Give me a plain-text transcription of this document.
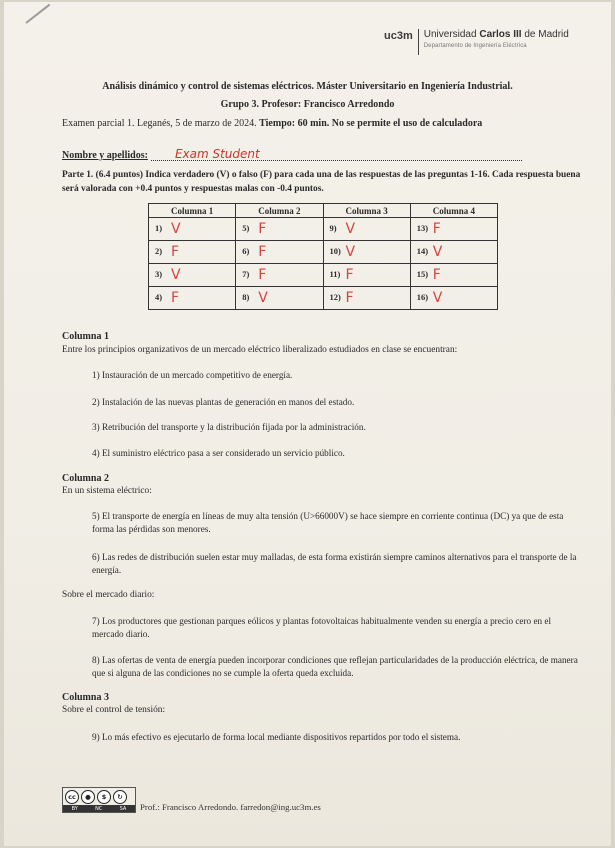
uc3m Universidad Carlos III de Madrid
Departamento de Ingeniería Eléctrica
Análisis dinámico y control de sistemas eléctricos. Máster Universitario en Ingeniería Industrial.
Grupo 3. Profesor: Francisco Arredondo
Examen parcial 1. Leganés, 5 de marzo de 2024. Tiempo: 60 min. No se permite el uso de calculadora
Nombre y apellidos: Exam Student
Parte 1. (6.4 puntos) Indica verdadero (V) o falso (F) para cada una de las respuestas de las preguntas 1-16. Cada respuesta buena será valorada con +0.4 puntos y respuestas malas con -0.4 puntos.
Columna 1	Columna 2	Columna 3	Columna 4
1) V	5) F	9) V	13) F
2) F	6) F	10) V	14) V
3) V	7) F	11) F	15) F
4) F	8) V	12) F	16) V
Columna 1
Entre los principios organizativos de un mercado eléctrico liberalizado estudiados en clase se encuentran:
1) Instauración de un mercado competitivo de energía.
2) Instalación de las nuevas plantas de generación en manos del estado.
3) Retribución del transporte y la distribución fijada por la administración.
4) El suministro eléctrico pasa a ser considerado un servicio público.
Columna 2
En un sistema eléctrico:
5) El transporte de energía en líneas de muy alta tensión (U>66000V) se hace siempre en corriente continua (DC) ya que de esta forma las pérdidas son menores.
6) Las redes de distribución suelen estar muy malladas, de esta forma existirán siempre caminos alternativos para el transporte de la energía.
Sobre el mercado diario:
7) Los productores que gestionan parques eólicos y plantas fotovoltaicas habitualmente venden su energía a precio cero en el mercado diario.
8) Las ofertas de venta de energía pueden incorporar condiciones que reflejan particularidades de la producción eléctrica, de manera que si alguna de las condiciones no se cumple la oferta queda excluida.
Columna 3
Sobre el control de tensión:
9) Lo más efectivo es ejecutarlo de forma local mediante dispositivos repartidos por todo el sistema.
cc	●	$	↻
BY	NC	SA Prof.: Francisco Arredondo. farredon@ing.uc3m.es
